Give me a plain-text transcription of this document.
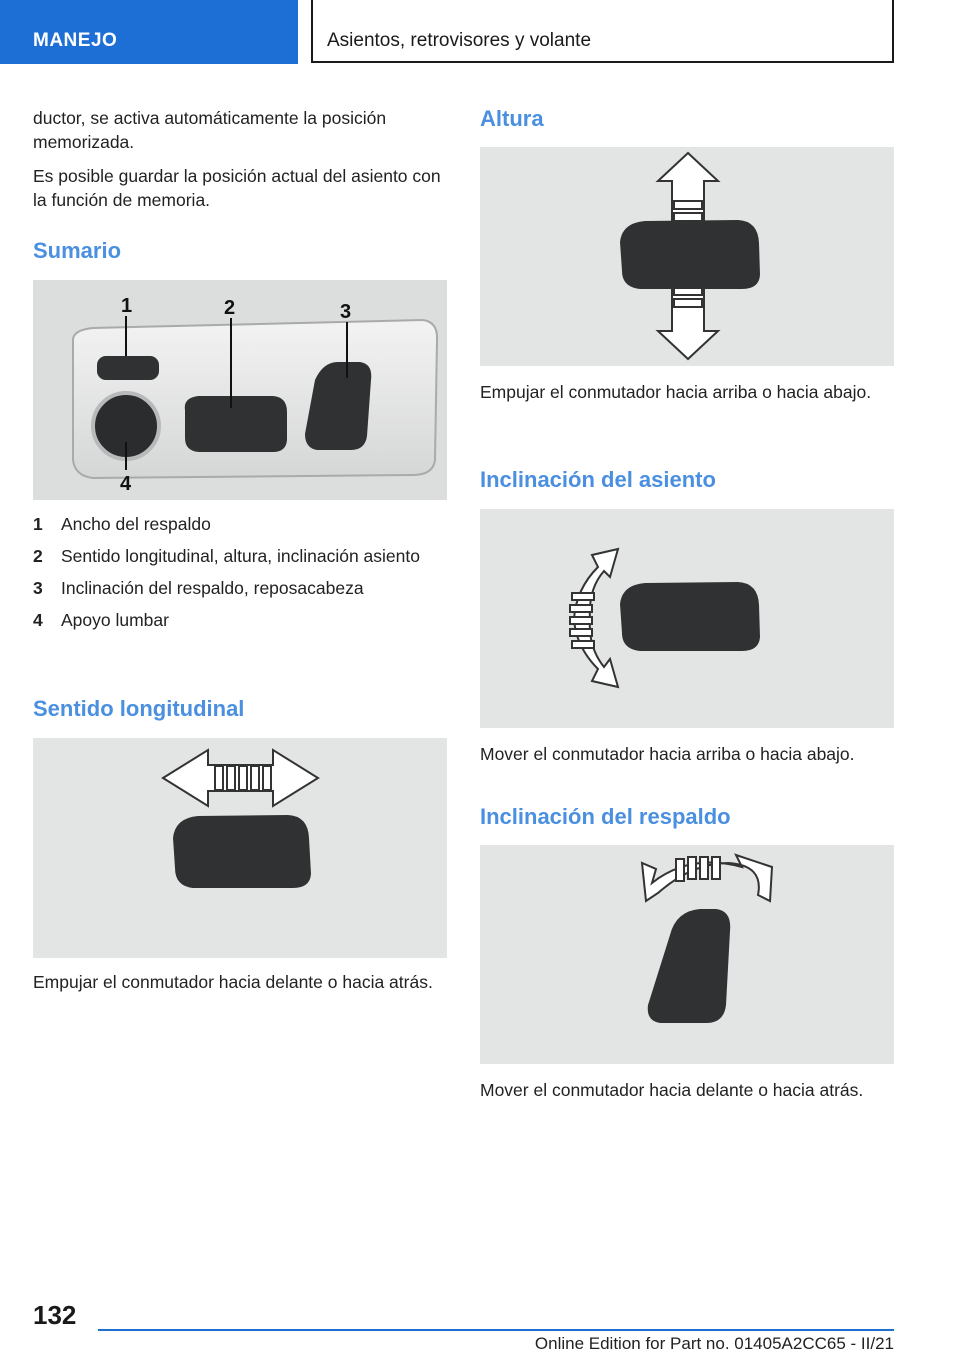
MANEJO	Asientos, retrovisores y volante

ductor, se activa automáticamente la posición memorizada.

Es posible guardar la posición actual del asiento con la función de memoria.

Sumario
1	2	3
4
1 Ancho del respaldo
2 Sentido longitudinal, altura, inclinación asiento
3 Inclinación del respaldo, reposacabeza
4 Apoyo lumbar
Sentido longitudinal

Empujar el conmutador hacia delante o hacia atrás.

Altura

Empujar el conmutador hacia arriba o hacia abajo.

Inclinación del asiento

Mover el conmutador hacia arriba o hacia abajo.

Inclinación del respaldo

Mover el conmutador hacia delante o hacia atrás.

132
Online Edition for Part no. 01405A2CC65 - II/21
